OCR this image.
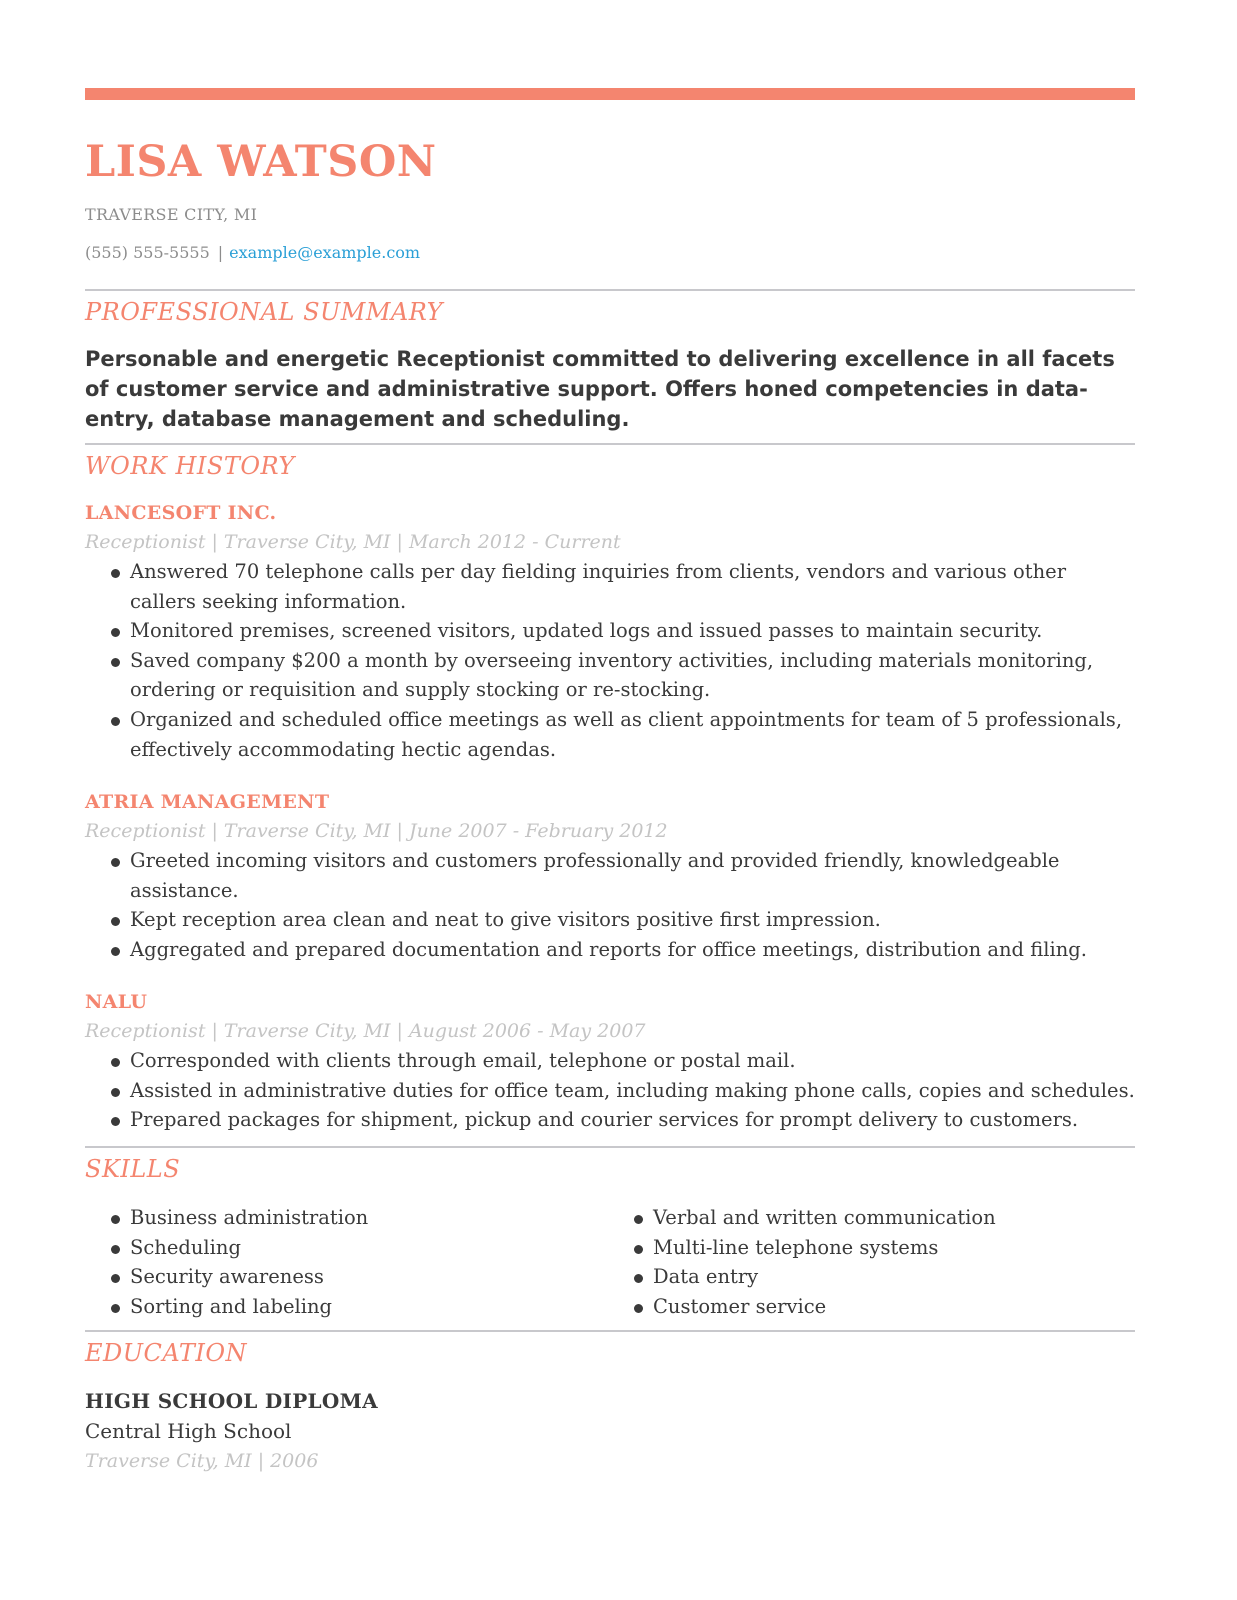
LISA WATSON
TRAVERSE CITY, MI
(555) 555-5555 | example@example.com
PROFESSIONAL SUMMARY
Personable and energetic Receptionist committed to delivering excellence in all facets of customer service and administrative support. Offers honed competencies in data-entry, database management and scheduling.
WORK HISTORY
LANCESOFT INC.
Receptionist | Traverse City, MI | March 2012 - Current
Answered 70 telephone calls per day fielding inquiries from clients, vendors and various other callers seeking information.
Monitored premises, screened visitors, updated logs and issued passes to maintain security.
Saved company $200 a month by overseeing inventory activities, including materials monitoring, ordering or requisition and supply stocking or re-stocking.
Organized and scheduled office meetings as well as client appointments for team of 5 professionals, effectively accommodating hectic agendas.
ATRIA MANAGEMENT
Receptionist | Traverse City, MI | June 2007 - February 2012
Greeted incoming visitors and customers professionally and provided friendly, knowledgeable assistance.
Kept reception area clean and neat to give visitors positive first impression.
Aggregated and prepared documentation and reports for office meetings, distribution and filing.
NALU
Receptionist | Traverse City, MI | August 2006 - May 2007
Corresponded with clients through email, telephone or postal mail.
Assisted in administrative duties for office team, including making phone calls, copies and schedules.
Prepared packages for shipment, pickup and courier services for prompt delivery to customers.
SKILLS
Business administration
Scheduling
Security awareness
Sorting and labeling
Verbal and written communication
Multi-line telephone systems
Data entry
Customer service
EDUCATION
HIGH SCHOOL DIPLOMA
Central High School
Traverse City, MI | 2006
